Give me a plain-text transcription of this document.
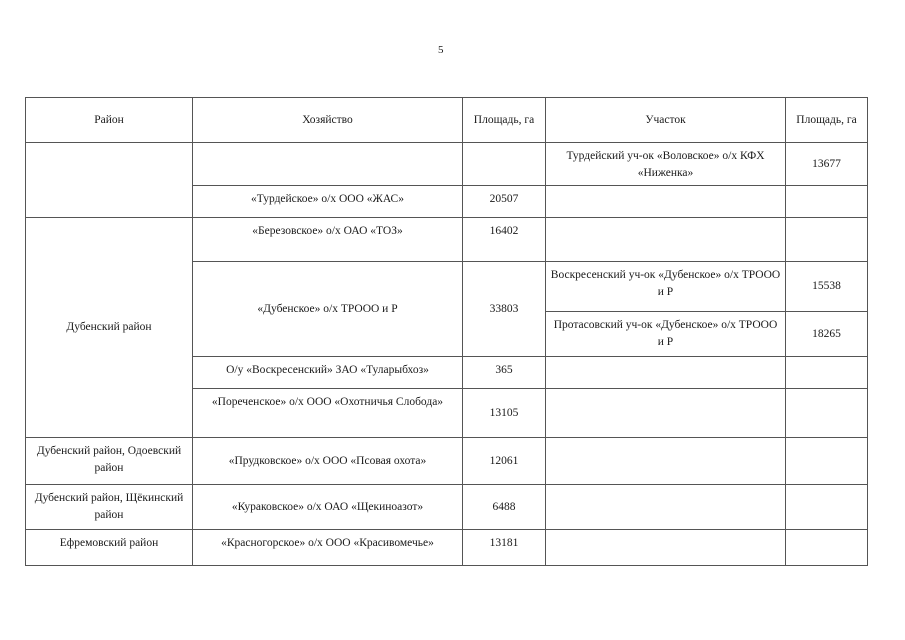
5
Район	Хозяйство	Площадь, га	Участок	Площадь, га
			Турдейский уч-ок «Воловское» о/х КФХ «Ниженка»	13677
	«Турдейское» о/х ООО «ЖАС»	20507		
Дубенский район	«Березовское» о/х ОАО «ТОЗ»	16402		
	«Дубенское» о/х ТРООО и Р	33803	Воскресенский уч-ок «Дубенское» о/х ТРООО и Р	15538
			Протасовский уч-ок «Дубенское» о/х ТРООО и Р	18265
	О/у «Воскресенский» ЗАО «Туларыбхоз»	365		
	«Пореченское» о/х ООО «Охотничья Слобода»	13105		
Дубенский район, Одоевский район	«Прудковское» о/х ООО «Псовая охота»	12061		
Дубенский район, Щёкинский район	«Кураковское» о/х ОАО «Щекиноазот»	6488		
Ефремовский район	«Красногорское» о/х ООО «Красивомечье»	13181		
